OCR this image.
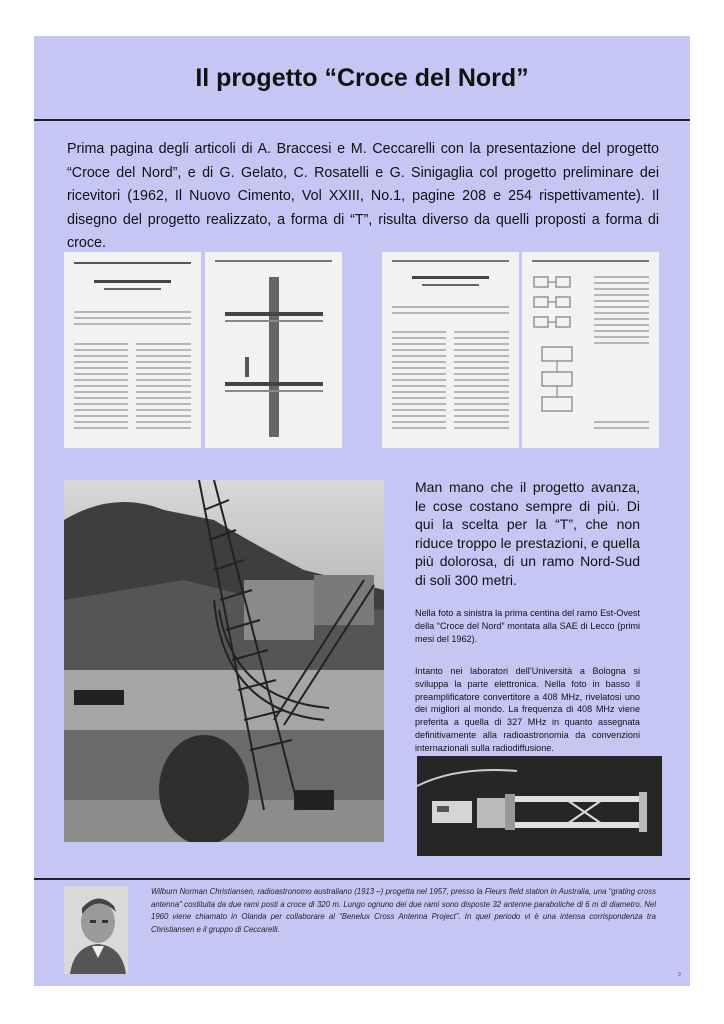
Il progetto “Croce del Nord”

Prima pagina degli articoli di A. Braccesi e M. Ceccarelli con la presentazione del progetto “Croce del Nord”, e di G. Gelato, C. Rosatelli e G. Sinigaglia col progetto preliminare dei ricevitori (1962, Il Nuovo Cimento, Vol XXIII, No.1, pagine 208 e 254 rispettivamente). Il disegno del progetto realizzato, a forma di “T”, risulta diverso da quelli proposti a forma di croce.

Man mano che il progetto avanza, le cose costano sempre di più. Di qui la scelta per la “T”, che non riduce troppo le prestazioni, e quella più dolorosa, di un ramo Nord-Sud di soli 300 metri.

Nella foto a sinistra la prima centina del ramo Est-Ovest della “Croce del Nord” montata alla SAE di Lecco (primi mesi del 1962).

Intanto nei laboratori dell’Università a Bologna si sviluppa la parte elettronica. Nella foto in basso il preamplificatore convertitore a 408 MHz, rivelatosi uno dei migliori al mondo. La frequenza di 408 MHz viene preferita a quella di 327 MHz in quanto assegnata definitivamente alla radioastronomia da convenzioni internazionali sulla radiodiffusione.

Wilburn Norman Christiansen, radioastronomo australiano (1913 –) progetta nel 1957, presso la Fleurs field station in Australia, una “grating cross antenna” costituita da due rami posti a croce di 320 m. Lungo ognuno dei due rami sono disposte 32 antenne paraboliche di 6 m di diametro. Nel 1960 viene chiamato in Olanda per collaborare al “Benelux Cross Antenna Project”. In quel periodo vi è una intensa corrispondenza tra Christiansen e il gruppo di Ceccarelli.

9
